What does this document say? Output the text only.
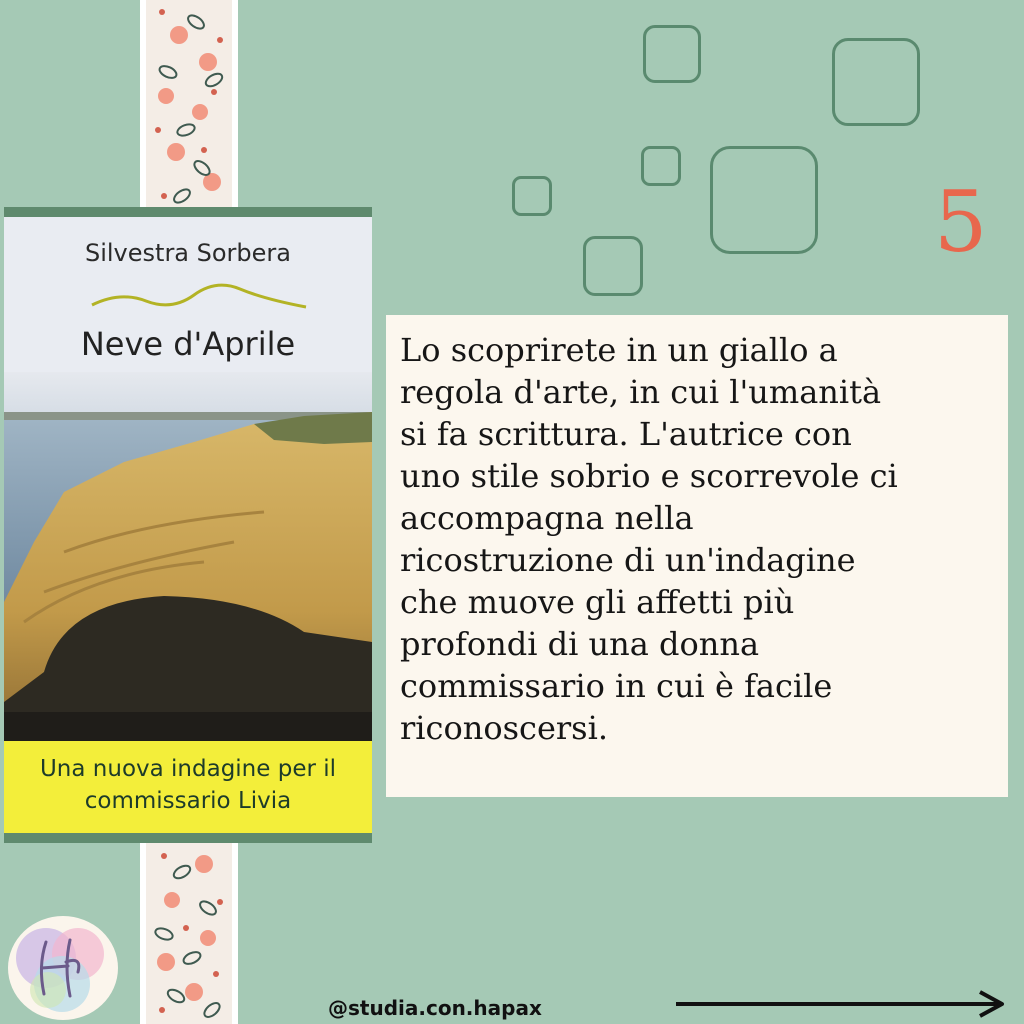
Silvestra Sorbera
Neve d'Aprile
Una nuova indagine per il
commissario Livia
5

Lo scoprirete in un giallo a
regola d'arte, in cui l'umanità
si fa scrittura. L'autrice con
uno stile sobrio e scorrevole ci
accompagna nella
ricostruzione di un'indagine
che muove gli affetti più
profondi di una donna
commissario in cui è facile
riconoscersi.

@studia.con.hapax
